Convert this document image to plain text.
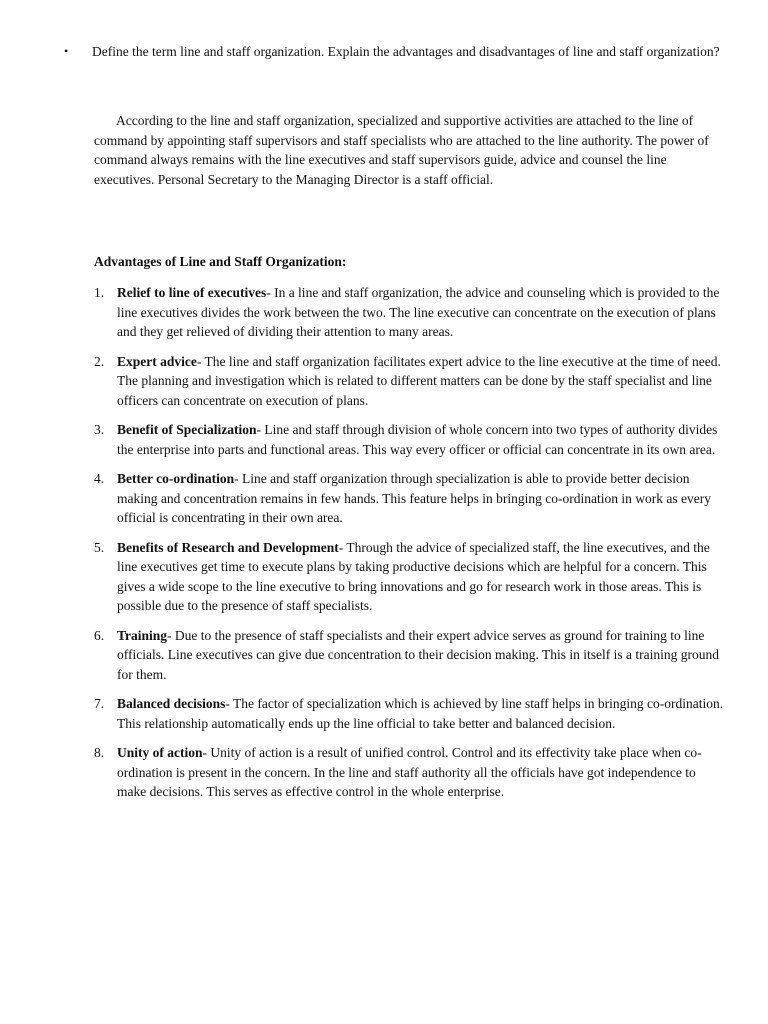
•	Define the term line and staff organization. Explain the advantages and disadvantages of line and staff organization?

According to the line and staff organization, specialized and supportive activities are attached to the line of command by appointing staff supervisors and staff specialists who are attached to the line authority. The power of command always remains with the line executives and staff supervisors guide, advice and counsel the line executives. Personal Secretary to the Managing Director is a staff official.

Advantages of Line and Staff Organization:

1. Relief to line of executives- In a line and staff organization, the advice and counseling which is provided to the line executives divides the work between the two. The line executive can concentrate on the execution of plans and they get relieved of dividing their attention to many areas.
2. Expert advice- The line and staff organization facilitates expert advice to the line executive at the time of need. The planning and investigation which is related to different matters can be done by the staff specialist and line officers can concentrate on execution of plans.
3. Benefit of Specialization- Line and staff through division of whole concern into two types of authority divides the enterprise into parts and functional areas. This way every officer or official can concentrate in its own area.
4. Better co-ordination- Line and staff organization through specialization is able to provide better decision making and concentration remains in few hands. This feature helps in bringing co-ordination in work as every official is concentrating in their own area.
5. Benefits of Research and Development- Through the advice of specialized staff, the line executives, and the line executives get time to execute plans by taking productive decisions which are helpful for a concern. This gives a wide scope to the line executive to bring innovations and go for research work in those areas. This is possible due to the presence of staff specialists.
6. Training- Due to the presence of staff specialists and their expert advice serves as ground for training to line officials. Line executives can give due concentration to their decision making. This in itself is a training ground for them.
7. Balanced decisions- The factor of specialization which is achieved by line staff helps in bringing co-ordination. This relationship automatically ends up the line official to take better and balanced decision.
8. Unity of action- Unity of action is a result of unified control. Control and its effectivity take place when co-ordination is present in the concern. In the line and staff authority all the officials have got independence to make decisions. This serves as effective control in the whole enterprise.
